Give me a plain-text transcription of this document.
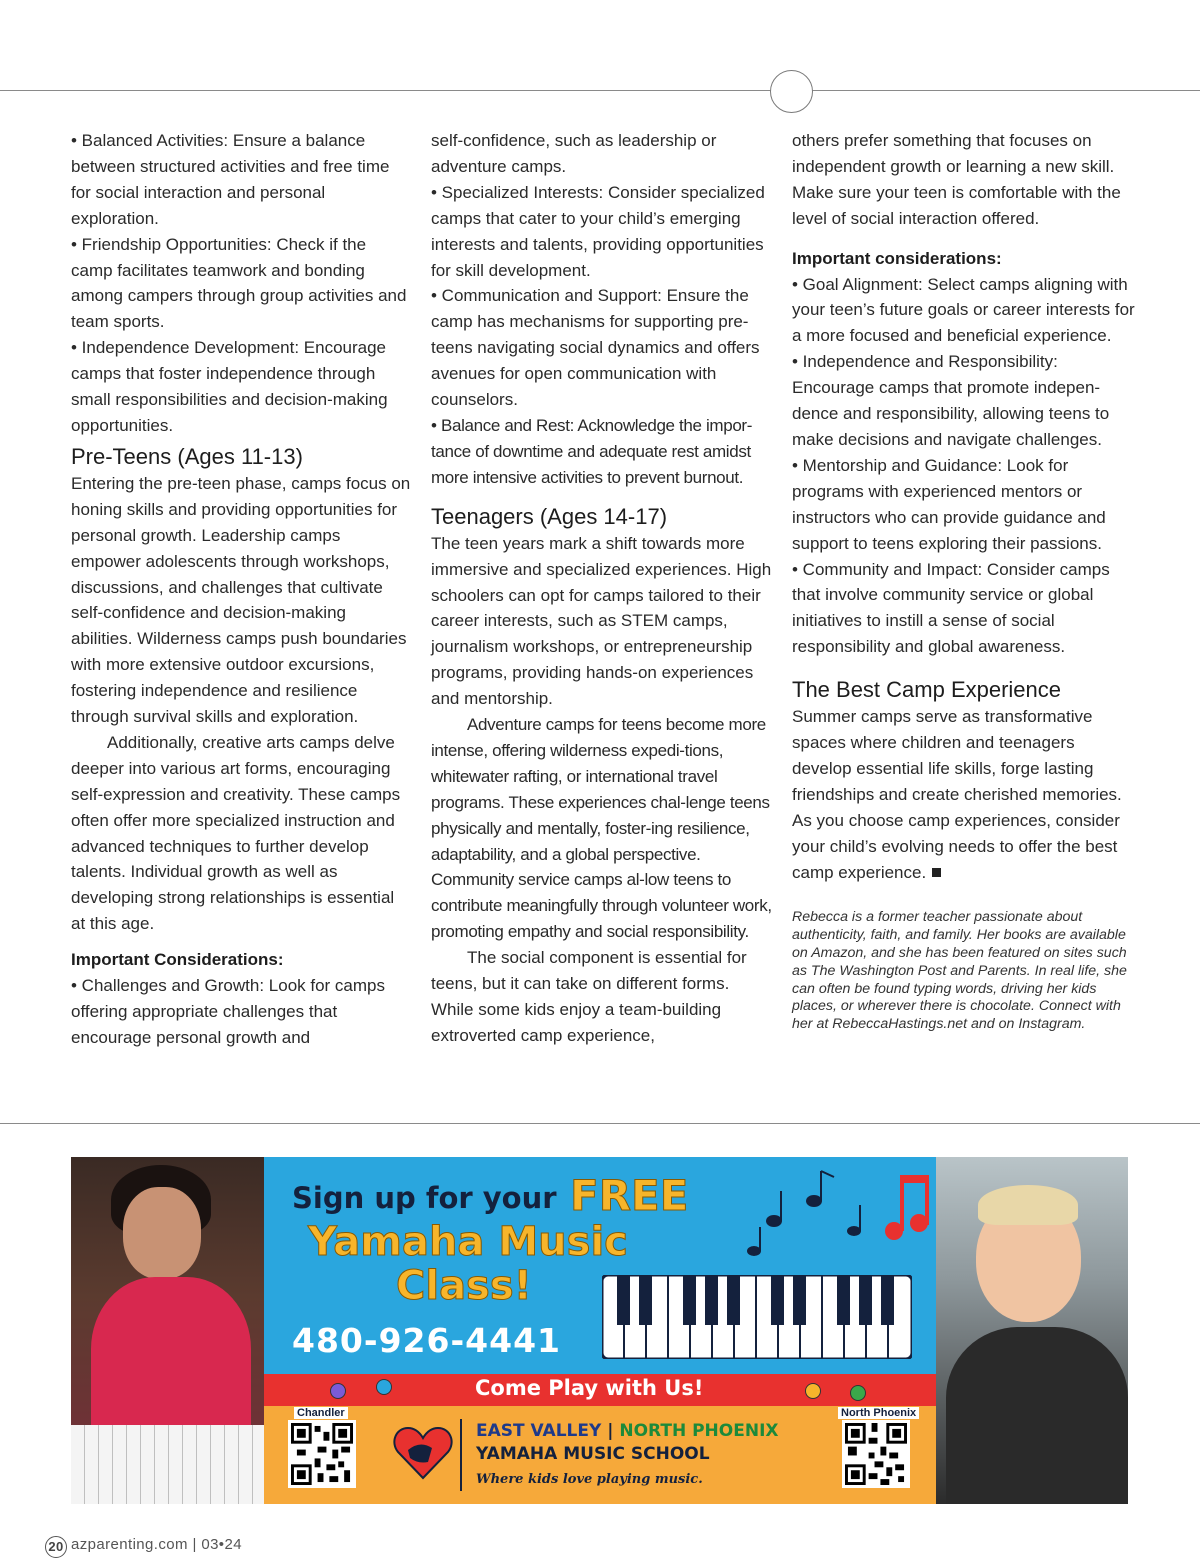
• Balanced Activities: Ensure a balance between structured activities and free time for social interaction and personal exploration.

• Friendship Opportunities: Check if the camp facilitates teamwork and bonding among campers through group activities and team sports.

• Independence Development: Encourage camps that foster independence through small responsibilities and decision-making opportunities.

Pre-Teens (Ages 11-13)

Entering the pre-teen phase, camps focus on honing skills and providing opportunities for personal growth. Leadership camps empower adolescents through workshops, discussions, and challenges that cultivate self-confidence and decision-making abilities. Wilderness camps push boundaries with more extensive outdoor excursions, fostering independence and resilience through survival skills and exploration.

Additionally, creative arts camps delve deeper into various art forms, encouraging self-expression and creativity. These camps often offer more specialized instruction and advanced techniques to further develop talents. Individual growth as well as developing strong relationships is essential at this age.

Important Considerations:

• Challenges and Growth: Look for camps offering appropriate challenges that encourage personal growth and

self-confidence, such as leadership or adventure camps.

• Specialized Interests: Consider specialized camps that cater to your child’s emerging interests and talents, providing opportunities for skill development.

• Communication and Support: Ensure the camp has mechanisms for supporting pre-teens navigating social dynamics and offers avenues for open communication with counselors.

• Balance and Rest: Acknowledge the impor-tance of downtime and adequate rest amidst more intensive activities to prevent burnout.

Teenagers (Ages 14-17)

The teen years mark a shift towards more immersive and specialized experiences. High schoolers can opt for camps tailored to their career interests, such as STEM camps, journalism workshops, or entrepreneurship programs, providing hands-on experiences and mentorship.

Adventure camps for teens become more intense, offering wilderness expedi-tions, whitewater rafting, or international travel programs. These experiences chal-lenge teens physically and mentally, foster-ing resilience, adaptability, and a global perspective. Community service camps al-low teens to contribute meaningfully through volunteer work, promoting empathy and social responsibility.

The social component is essential for teens, but it can take on different forms. While some kids enjoy a team-building extroverted camp experience,

others prefer something that focuses on independent growth or learning a new skill. Make sure your teen is comfortable with the level of social interaction offered.

Important considerations:

• Goal Alignment: Select camps aligning with your teen’s future goals or career interests for a more focused and beneficial experience.

• Independence and Responsibility: Encourage camps that promote indepen-dence and responsibility, allowing teens to make decisions and navigate challenges.

• Mentorship and Guidance: Look for programs with experienced mentors or instructors who can provide guidance and support to teens exploring their passions.

• Community and Impact: Consider camps that involve community service or global initiatives to instill a sense of social responsibility and global awareness.

The Best Camp Experience

Summer camps serve as transformative spaces where children and teenagers develop essential life skills, forge lasting friendships and create cherished memories. As you choose camp experiences, consider your child’s evolving needs to offer the best camp experience.

Rebecca is a former teacher passionate about authenticity, faith, and family. Her books are available on Amazon, and she has been featured on sites such as The Washington Post and Parents. In real life, she can often be found typing words, driving her kids places, or wherever there is chocolate. Connect with her at RebeccaHastings.net and on Instagram.

Sign up for your FREE
Yamaha Music
Class!
480-926-4441
Come Play with Us!
Chandler
EAST VALLEY | NORTH PHOENIX
YAMAHA MUSIC SCHOOL
Where kids love playing music.
North Phoenix
20 azparenting.com | 03•24
